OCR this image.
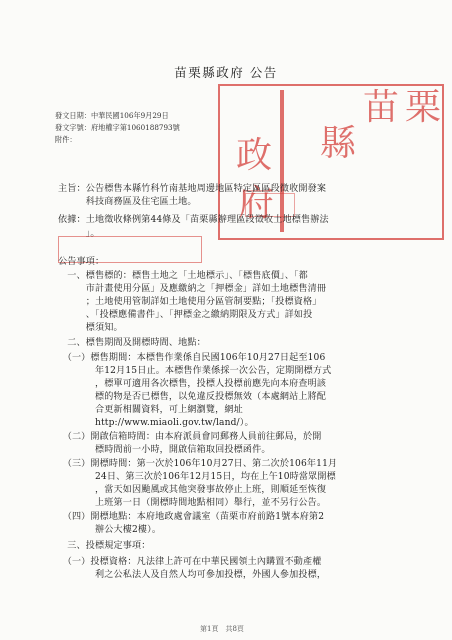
苗栗縣政府 公告
發文日期：中華民國106年9月29日
發文字號：府地權字第1060188793號
附件：
苗 栗
縣
政
府
主旨：公告標售本縣竹科竹南基地周邊地區特定區區段徵收開發案
　　　科技商務區及住宅區土地。
依據：土地徵收條例第44條及「苗栗縣辦理區段徵收土地標售辦法
　　　」。
公告事項：
　一、標售標的：標售土地之「土地標示」、「標售底價」、「都
　　　市計畫使用分區」及應繳納之「押標金」詳如土地標售清冊
　　　；土地使用管制詳如土地使用分區管制要點；「投標資格」
　　　、「投標應備書件」、「押標金之繳納期限及方式」詳如投
　　　標須知。
　二、標售期間及開標時間、地點：
　（一）標售期間：本標售作業係自民國106年10月27日起至106
　　　　年12月15日止。本標售作業係採一次公告，定期開標方式
　　　　，標單可適用各次標售，投標人投標前應先向本府查明該
　　　　標的物是否已標售，以免違反投標無效（本處網站上將配
　　　　合更新相關資料，可上網瀏覽，網址
　　　　http://www.miaoli.gov.tw/land/）。
　（二）開啟信箱時間：由本府派員會同郵務人員前往郵局，於開
　　　　標時間前一小時，開啟信箱取回投標函件。
　（三）開標時間：第一次於106年10月27日、第二次於106年11月
　　　　24日、第三次於106年12月15日，均在上午10時當眾開標
　　　　，當天如因颱風或其他突發事故停止上班，則順延至恢復
　　　　上班第一日（開標時間地點相同）舉行，並不另行公告。
　（四）開標地點：本府地政處會議室（苗栗市府前路1號本府第2
　　　　辦公大樓2樓）。
　三、投標規定事項：
　（一）投標資格：凡法律上許可在中華民國領土內購置不動產權
　　　　利之公私法人及自然人均可參加投標，外國人參加投標，
第1頁　共8頁
